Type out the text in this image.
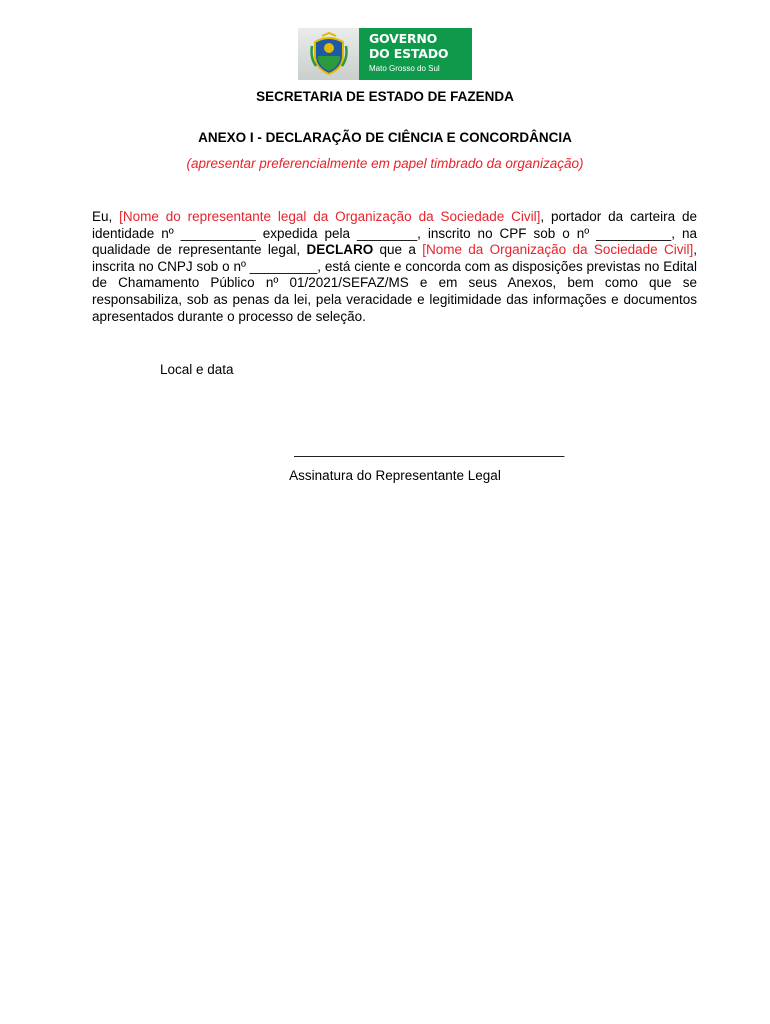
GOVERNO
DO ESTADO
Mato Grosso do Sul
SECRETARIA DE ESTADO DE FAZENDA
ANEXO I - DECLARAÇÃO DE CIÊNCIA E CONCORDÂNCIA
(apresentar preferencialmente em papel timbrado da organização)
Eu, [Nome do representante legal da Organização da Sociedade Civil], portador da carteira de identidade nº __________ expedida pela ________, inscrito no CPF sob o nº __________, na qualidade de representante legal, DECLARO que a [Nome da Organização da Sociedade Civil], inscrita no CNPJ sob o nº _________, está ciente e concorda com as disposições previstas no Edital de Chamamento Público nº 01/2021/SEFAZ/MS e em seus Anexos, bem como que se responsabiliza, sob as penas da lei, pela veracidade e legitimidade das informações e documentos apresentados durante o processo de seleção.
Local e data
____________________________________
Assinatura do Representante Legal
